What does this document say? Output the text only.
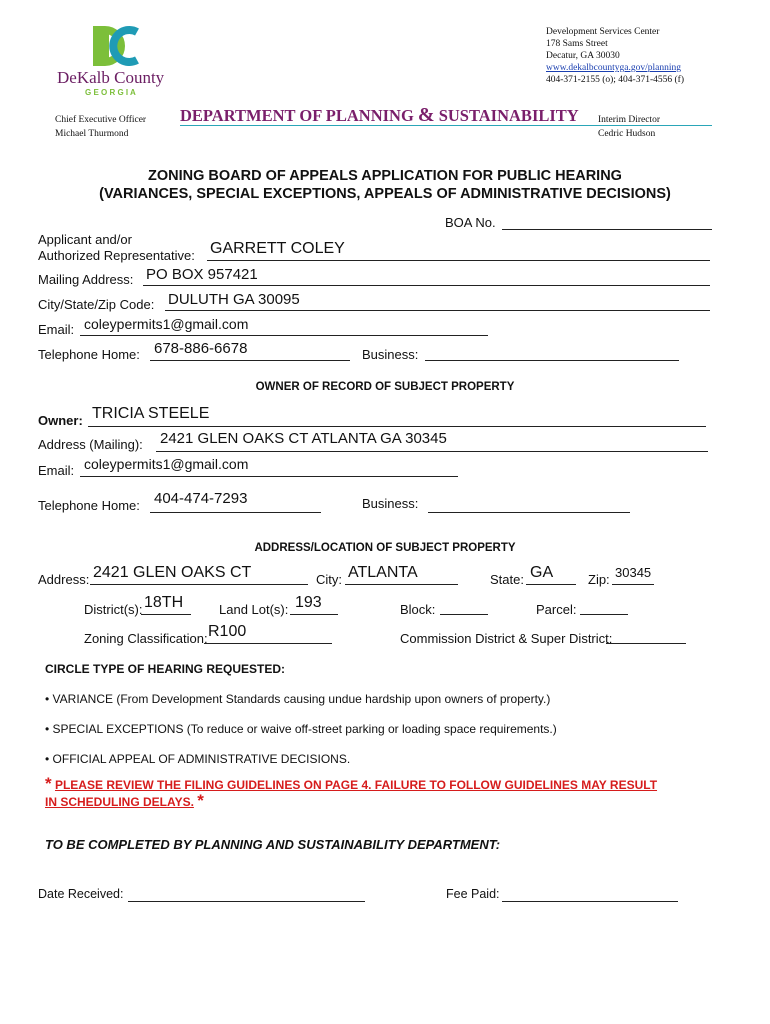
DeKalb County
G E O R G I A
Development Services Center
178 Sams Street
Decatur, GA 30030
www.dekalbcountyga.gov/planning
404-371-2155 (o); 404-371-4556 (f)
Chief Executive Officer
Michael Thurmond
DEPARTMENT OF PLANNING & SUSTAINABILITY Interim Director
Cedric Hudson
ZONING BOARD OF APPEALS APPLICATION FOR PUBLIC HEARING
(VARIANCES, SPECIAL EXCEPTIONS, APPEALS OF ADMINISTRATIVE DECISIONS)
BOA No.
Applicant and/or
Authorized Representative: GARRETT COLEY
Mailing Address: PO BOX 957421
City/State/Zip Code: DULUTH GA 30095
Email: coleypermits1@gmail.com
Telephone Home: 678-886-6678	Business:
OWNER OF RECORD OF SUBJECT PROPERTY
Owner: TRICIA STEELE
Address (Mailing): 2421 GLEN OAKS CT ATLANTA GA 30345
Email: coleypermits1@gmail.com
Telephone Home: 404-474-7293	Business:
ADDRESS/LOCATION OF SUBJECT PROPERTY
Address: 2421 GLEN OAKS CT	City: ATLANTA	State: GA	Zip: 30345
District(s): 18TH	Land Lot(s): 193	Block:	Parcel:
Zoning Classification: R100	Commission District & Super District:
CIRCLE TYPE OF HEARING REQUESTED:
• VARIANCE (From Development Standards causing undue hardship upon owners of property.)
• SPECIAL EXCEPTIONS (To reduce or waive off-street parking or loading space requirements.)
• OFFICIAL APPEAL OF ADMINISTRATIVE DECISIONS.
* PLEASE REVIEW THE FILING GUIDELINES ON PAGE 4. FAILURE TO FOLLOW GUIDELINES MAY RESULT
IN SCHEDULING DELAYS. *
TO BE COMPLETED BY PLANNING AND SUSTAINABILITY DEPARTMENT:
Date Received:	Fee Paid:
